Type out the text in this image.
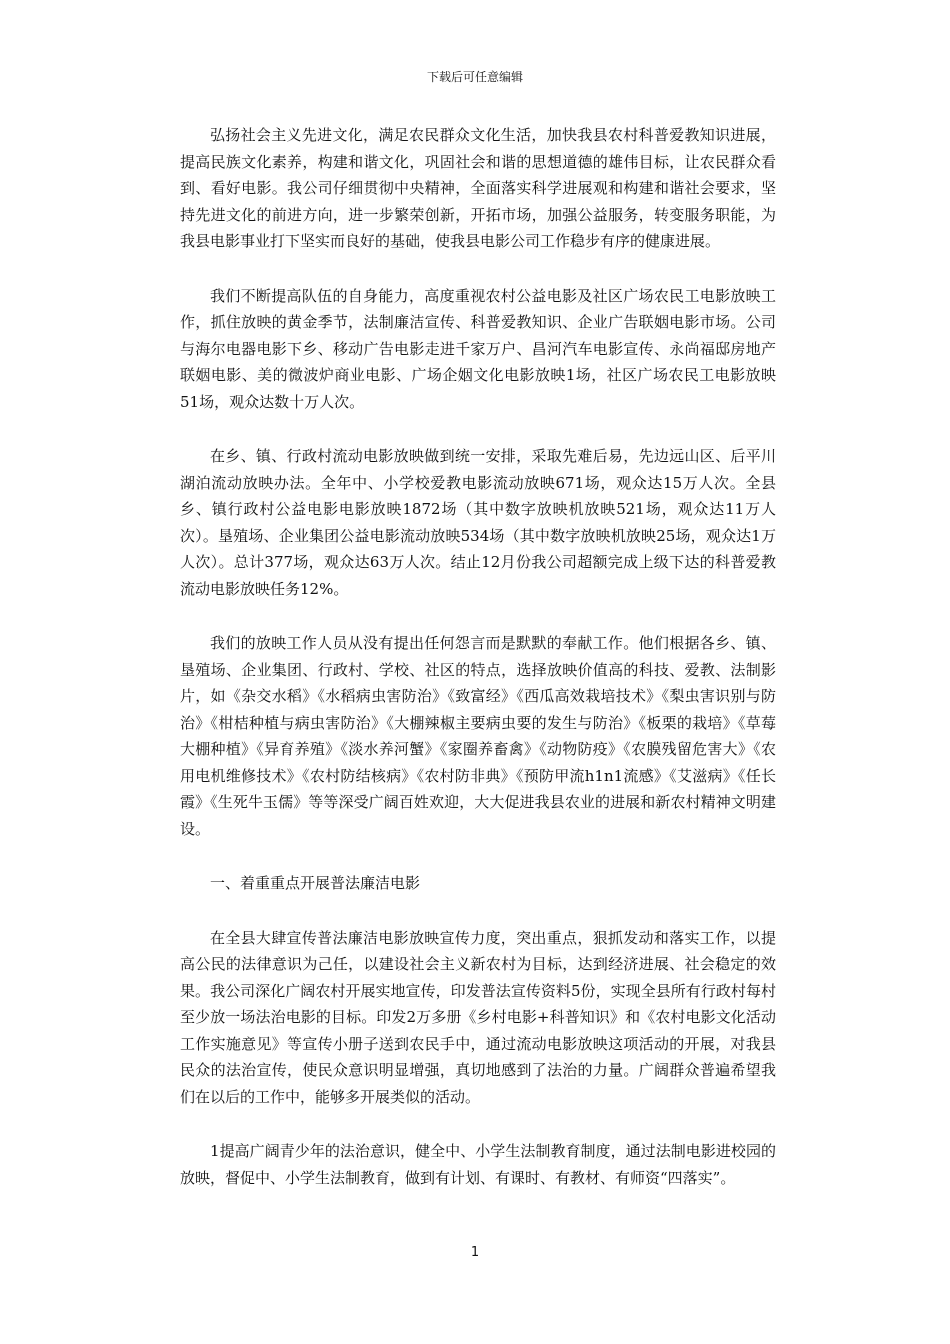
下载后可任意编辑

弘扬社会主义先进文化，满足农民群众文化生活，加快我县农村科普爱教知识进展，提高民族文化素养，构建和谐文化，巩固社会和谐的思想道德的雄伟目标，让农民群众看到、看好电影。我公司仔细贯彻中央精神，全面落实科学进展观和构建和谐社会要求，坚持先进文化的前进方向，进一步繁荣创新，开拓市场，加强公益服务，转变服务职能，为我县电影事业打下坚实而良好的基础，使我县电影公司工作稳步有序的健康进展。

我们不断提高队伍的自身能力，高度重视农村公益电影及社区广场农民工电影放映工作，抓住放映的黄金季节，法制廉洁宣传、科普爱教知识、企业广告联姻电影市场。公司与海尔电器电影下乡、移动广告电影走进千家万户、昌河汽车电影宣传、永尚福邸房地产联姻电影、美的微波炉商业电影、广场企姻文化电影放映1场，社区广场农民工电影放映51场，观众达数十万人次。

在乡、镇、行政村流动电影放映做到统一安排，采取先难后易，先边远山区、后平川湖泊流动放映办法。全年中、小学校爱教电影流动放映671场，观众达15万人次。全县乡、镇行政村公益电影电影放映1872场（其中数字放映机放映521场，观众达11万人次）。垦殖场、企业集团公益电影流动放映534场（其中数字放映机放映25场，观众达1万人次）。总计377场，观众达63万人次。结止12月份我公司超额完成上级下达的科普爱教流动电影放映任务12%。

我们的放映工作人员从没有提出任何怨言而是默默的奉献工作。他们根据各乡、镇、垦殖场、企业集团、行政村、学校、社区的特点，选择放映价值高的科技、爱教、法制影片，如《杂交水稻》《水稻病虫害防治》《致富经》《西瓜高效栽培技术》《梨虫害识别与防治》《柑桔种植与病虫害防治》《大棚辣椒主要病虫要的发生与防治》《板栗的栽培》《草莓大棚种植》《异育养殖》《淡水养河蟹》《家圈养畜禽》《动物防疫》《农膜残留危害大》《农用电机维修技术》《农村防结核病》《农村防非典》《预防甲流h1n1流感》《艾滋病》《任长霞》《生死牛玉儒》等等深受广阔百姓欢迎，大大促进我县农业的进展和新农村精神文明建设。

一、着重重点开展普法廉洁电影

在全县大肆宣传普法廉洁电影放映宣传力度，突出重点，狠抓发动和落实工作，以提高公民的法律意识为己任，以建设社会主义新农村为目标，达到经济进展、社会稳定的效果。我公司深化广阔农村开展实地宣传，印发普法宣传资料5份，实现全县所有行政村每村至少放一场法治电影的目标。印发2万多册《乡村电影+科普知识》和《农村电影文化活动工作实施意见》等宣传小册子送到农民手中，通过流动电影放映这项活动的开展，对我县民众的法治宣传，使民众意识明显增强，真切地感到了法治的力量。广阔群众普遍希望我们在以后的工作中，能够多开展类似的活动。

1提高广阔青少年的法治意识，健全中、小学生法制教育制度，通过法制电影进校园的放映，督促中、小学生法制教育，做到有计划、有课时、有教材、有师资“四落实”。

1
